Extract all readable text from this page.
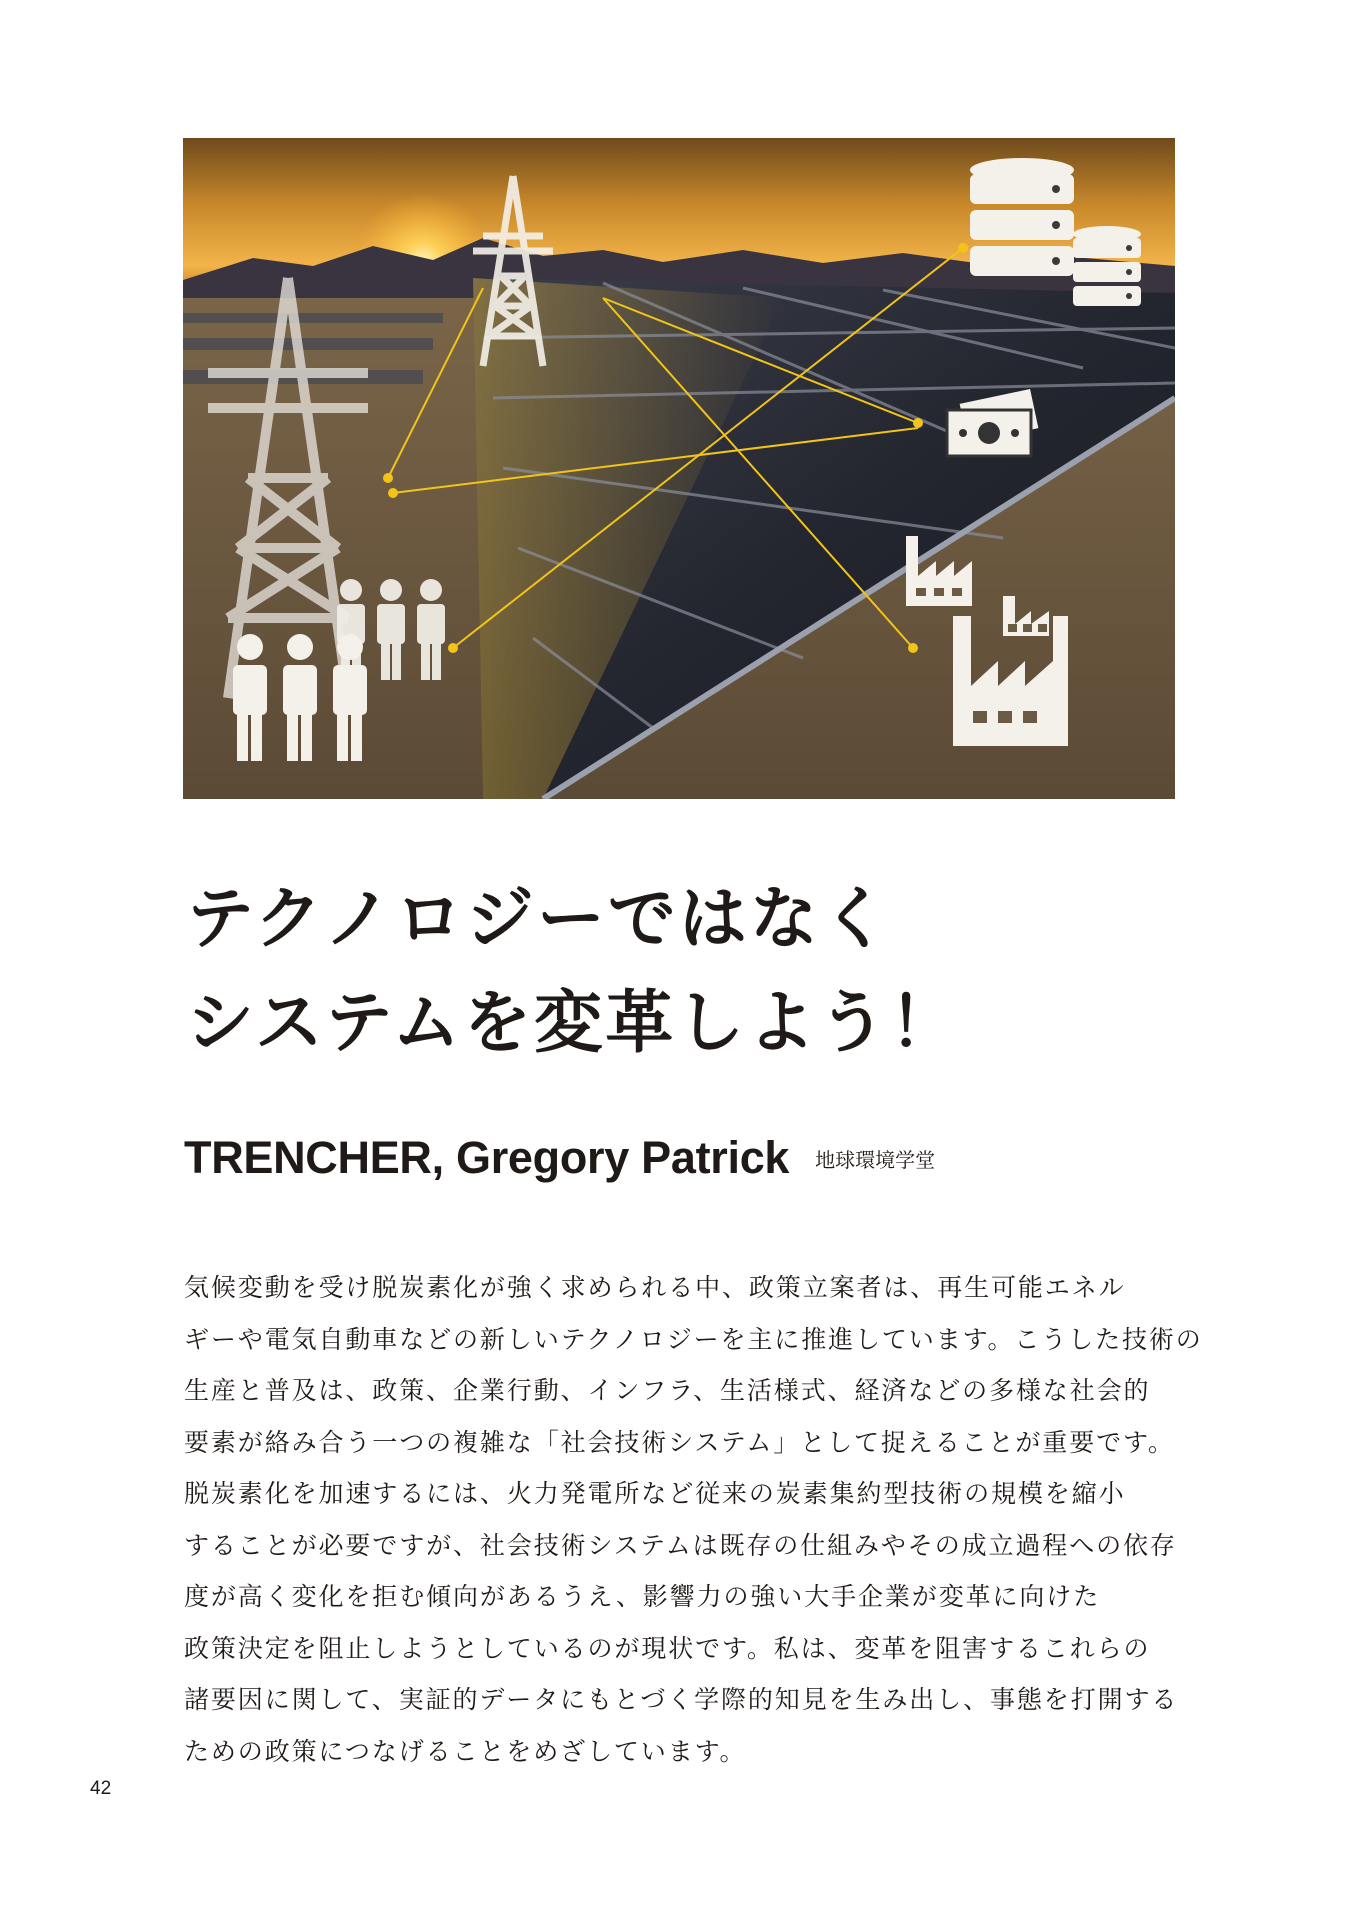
テクノロジーではなく
システムを変革しよう！
TRENCHER, Gregory Patrick 地球環境学堂
気候変動を受け脱炭素化が強く求められる中、政策立案者は、再生可能エネル
ギーや電気自動車などの新しいテクノロジーを主に推進しています。こうした技術の
生産と普及は、政策、企業行動、インフラ、生活様式、経済などの多様な社会的
要素が絡み合う一つの複雑な「社会技術システム」として捉えることが重要です。
脱炭素化を加速するには、火力発電所など従来の炭素集約型技術の規模を縮小
することが必要ですが、社会技術システムは既存の仕組みやその成立過程への依存
度が高く変化を拒む傾向があるうえ、影響力の強い大手企業が変革に向けた
政策決定を阻止しようとしているのが現状です。私は、変革を阻害するこれらの
諸要因に関して、実証的データにもとづく学際的知見を生み出し、事態を打開する
ための政策につなげることをめざしています。
42
